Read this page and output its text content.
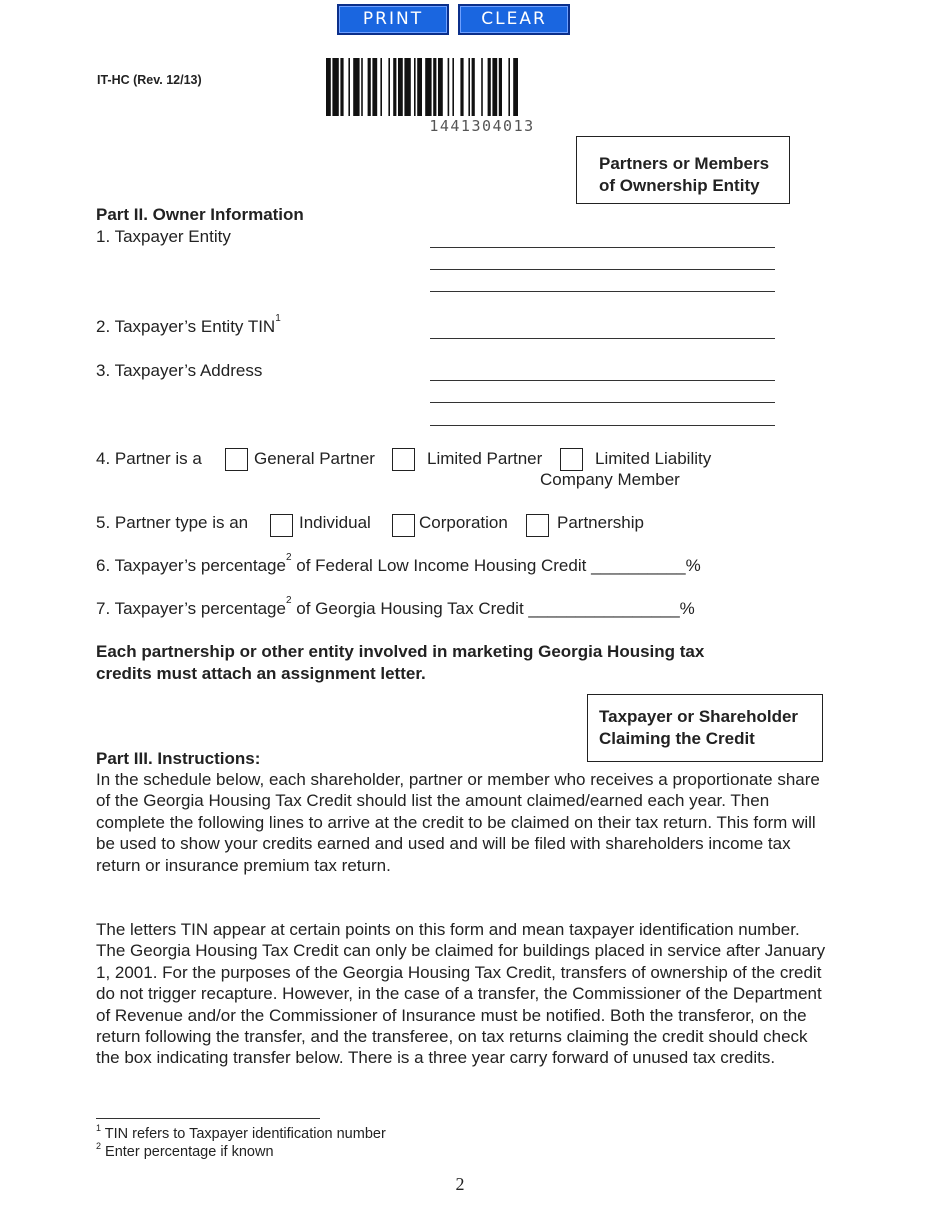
PRINT	CLEAR
IT-HC (Rev. 12/13)
1441304013
Partners or Members
of Ownership Entity
Part II. Owner Information
1. Taxpayer Entity
2. Taxpayer’s Entity TIN$^1$
3. Taxpayer’s Address
4. Partner is a	General Partner	Limited Partner	Limited Liability
Company Member
5. Partner type is an	Individual	Corporation	Partnership
6. Taxpayer’s percentage$^2$ of Federal Low Income Housing Credit __________%
7. Taxpayer’s percentage$^2$ of Georgia Housing Tax Credit ________________%
Each partnership or other entity involved in marketing Georgia Housing tax
credits must attach an assignment letter.
Taxpayer or Shareholder
Claiming the Credit
Part III. Instructions:
In the schedule below, each shareholder, partner or member who receives a proportionate share of the Georgia Housing Tax Credit should list the amount claimed/earned each year. Then complete the following lines to arrive at the credit to be claimed on their tax return. This form will be used to show your credits earned and used and will be filed with shareholders income tax return or insurance premium tax return.
The letters TIN appear at certain points on this form and mean taxpayer identification number. The Georgia Housing Tax Credit can only be claimed for buildings placed in service after January 1, 2001. For the purposes of the Georgia Housing Tax Credit, transfers of ownership of the credit do not trigger recapture. However, in the case of a transfer, the Commissioner of the Department of Revenue and/or the Commissioner of Insurance must be notified. Both the transferor, on the return following the transfer, and the transferee, on tax returns claiming the credit should check the box indicating transfer below. There is a three year carry forward of unused tax credits.
$^1$ TIN refers to Taxpayer identification number
$^2$ Enter percentage if known
2
